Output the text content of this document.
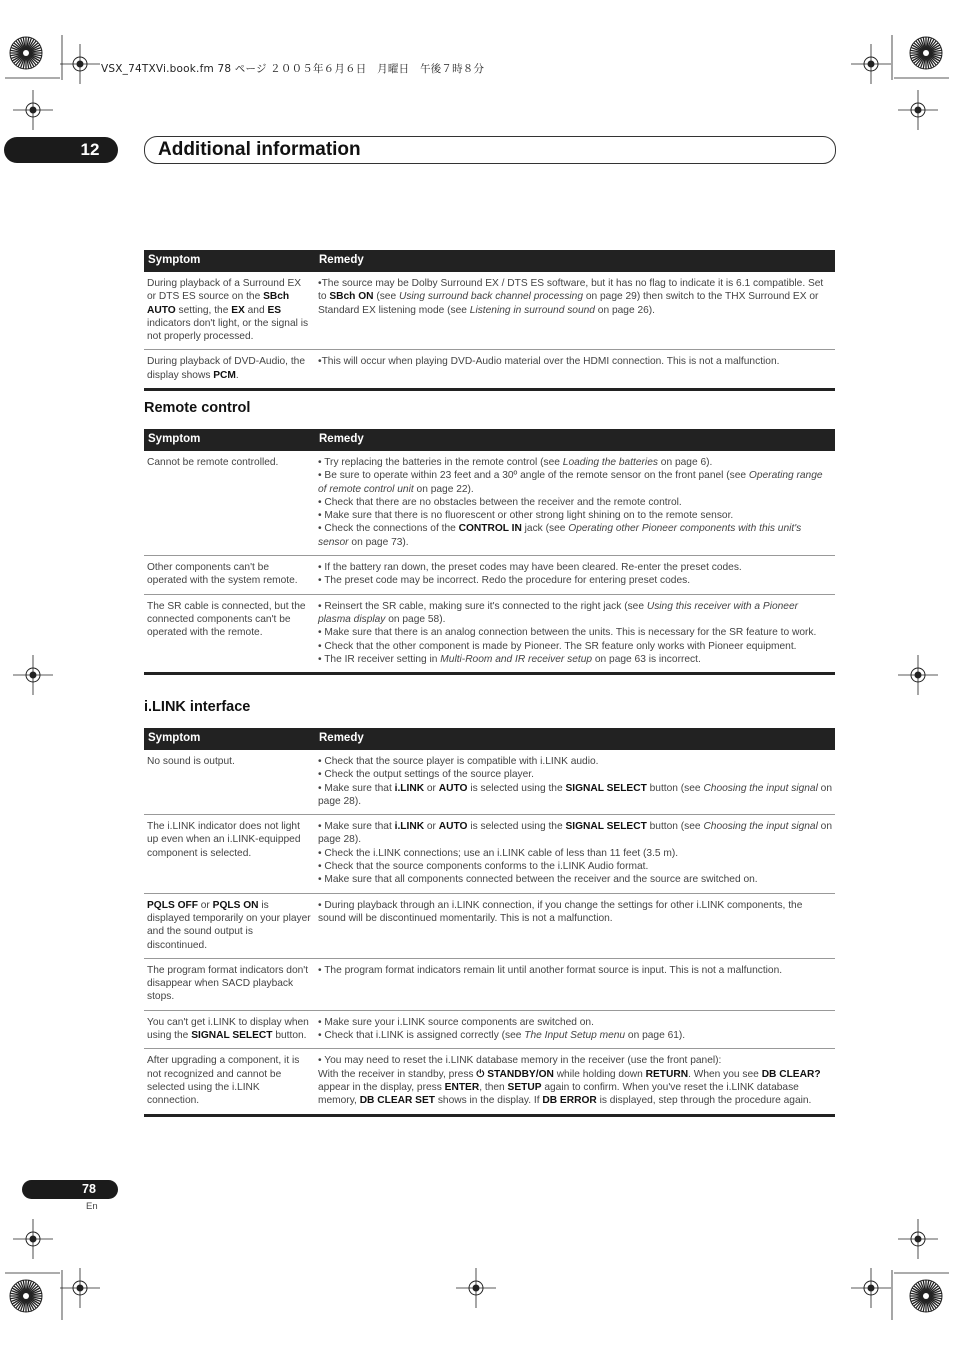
VSX_74TXVi.book.fm 78 ページ ２００５年６月６日　月曜日　午後７時８分
12	Additional information
Symptom	Remedy
During playback of a Surround EX or DTS ES source on the SBch AUTO setting, the EX and ES indicators don't light, or the signal is not properly processed.	•The source may be Dolby Surround EX / DTS ES software, but it has no flag to indicate it is 6.1 compatible. Set to SBch ON (see Using surround back channel processing on page 29) then switch to the THX Surround EX or Standard EX listening mode (see Listening in surround sound on page 26).

During playback of DVD-Audio, the display shows PCM.	•This will occur when playing DVD-Audio material over the HDMI connection. This is not a malfunction.

Remote control
Symptom	Remedy
Cannot be remote controlled.	• Try replacing the batteries in the remote control (see Loading the batteries on page 6).

• Be sure to operate within 23 feet and a 30º angle of the remote sensor on the front panel (see Operating range of remote control unit on page 22).

• Check that there are no obstacles between the receiver and the remote control.

• Make sure that there is no fluorescent or other strong light shining on to the remote sensor.

• Check the connections of the CONTROL IN jack (see Operating other Pioneer components with this unit's sensor on page 73).

Other components can't be operated with the system remote.	• If the battery ran down, the preset codes may have been cleared. Re-enter the preset codes.

• The preset code may be incorrect. Redo the procedure for entering preset codes.

The SR cable is connected, but the connected components can't be operated with the remote.	• Reinsert the SR cable, making sure it's connected to the right jack (see Using this receiver with a Pioneer plasma display on page 58).

• Make sure that there is an analog connection between the units. This is necessary for the SR feature to work.

• Check that the other component is made by Pioneer. The SR feature only works with Pioneer equipment.

• The IR receiver setting in Multi-Room and IR receiver setup on page 63 is incorrect.

i.LINK interface
Symptom	Remedy
No sound is output.	• Check that the source player is compatible with i.LINK audio.

• Check the output settings of the source player.

• Make sure that i.LINK or AUTO is selected using the SIGNAL SELECT button (see Choosing the input signal on page 28).

The i.LINK indicator does not light up even when an i.LINK-equipped component is selected.	• Make sure that i.LINK or AUTO is selected using the SIGNAL SELECT button (see Choosing the input signal on page 28).

• Check the i.LINK connections; use an i.LINK cable of less than 11 feet (3.5 m).

• Check that the source components conforms to the i.LINK Audio format.

• Make sure that all components connected between the receiver and the source are switched on.

PQLS OFF or PQLS ON is displayed temporarily on your player and the sound output is discontinued.	• During playback through an i.LINK connection, if you change the settings for other i.LINK components, the sound will be discontinued momentarily. This is not a malfunction.

The program format indicators don't disappear when SACD playback stops.	• The program format indicators remain lit until another format source is input. This is not a malfunction.

You can't get i.LINK to display when using the SIGNAL SELECT button.	• Make sure your i.LINK source components are switched on.

• Check that i.LINK is assigned correctly (see The Input Setup menu on page 61).

After upgrading a component, it is not recognized and cannot be selected using the i.LINK connection.	• You may need to reset the i.LINK database memory in the receiver (use the front panel):

With the receiver in standby, press ⏻ STANDBY/ON while holding down RETURN. When you see DB CLEAR? appear in the display, press ENTER, then SETUP again to confirm. When you've reset the i.LINK database memory, DB CLEAR SET shows in the display. If DB ERROR is displayed, step through the procedure again.

78
En
